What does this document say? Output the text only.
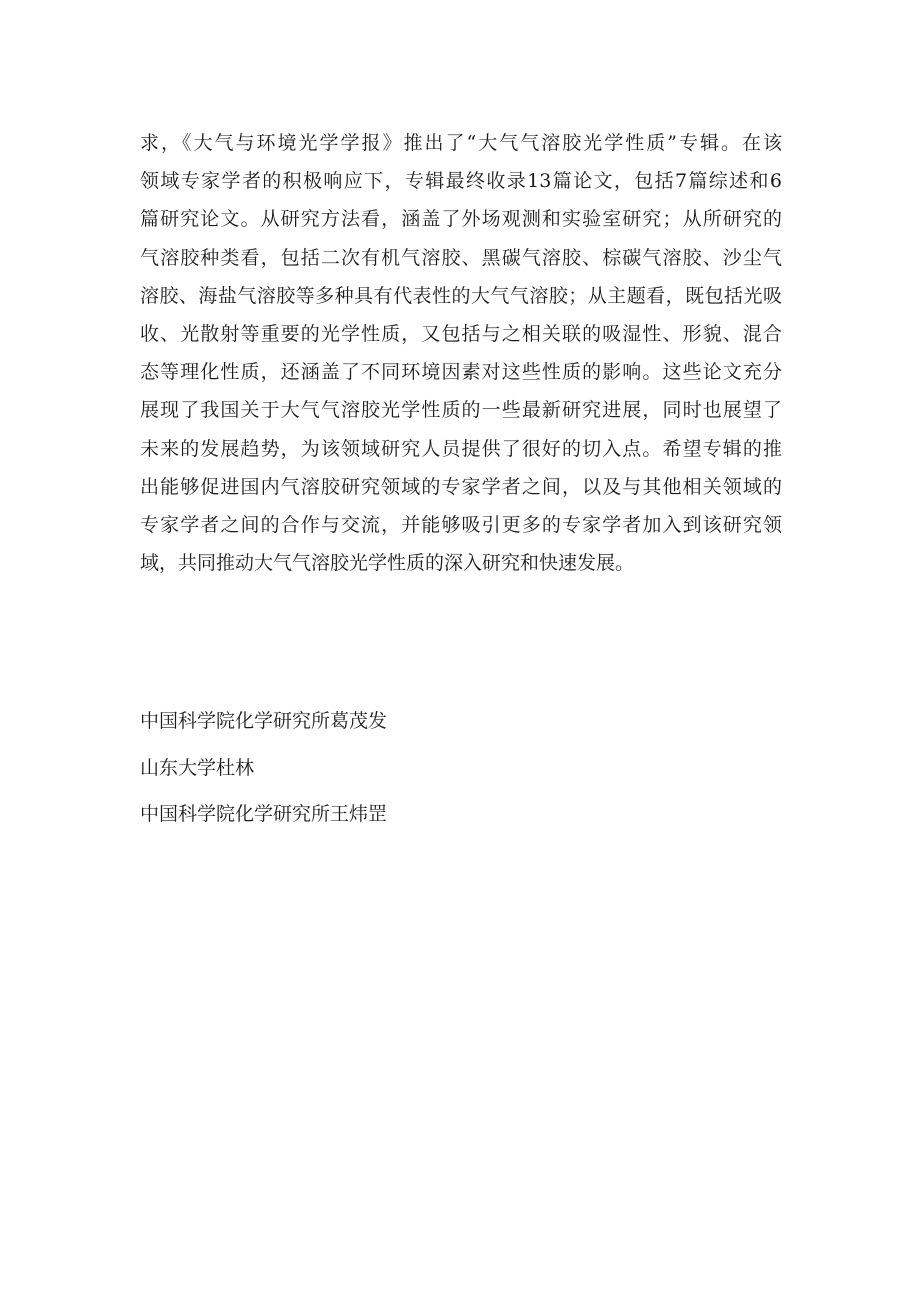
求，《大气与环境光学学报》推出了“大气气溶胶光学性质”专辑。在该
领域专家学者的积极响应下，专辑最终收录13篇论文，包括7篇综述和6
篇研究论文。从研究方法看，涵盖了外场观测和实验室研究；从所研究的
气溶胶种类看，包括二次有机气溶胶、黑碳气溶胶、棕碳气溶胶、沙尘气
溶胶、海盐气溶胶等多种具有代表性的大气气溶胶；从主题看，既包括光吸
收、光散射等重要的光学性质，又包括与之相关联的吸湿性、形貌、混合
态等理化性质，还涵盖了不同环境因素对这些性质的影响。这些论文充分
展现了我国关于大气气溶胶光学性质的一些最新研究进展，同时也展望了
未来的发展趋势，为该领域研究人员提供了很好的切入点。希望专辑的推
出能够促进国内气溶胶研究领域的专家学者之间，以及与其他相关领域的
专家学者之间的合作与交流，并能够吸引更多的专家学者加入到该研究领
域，共同推动大气气溶胶光学性质的深入研究和快速发展。
中国科学院化学研究所葛茂发
山东大学杜林
中国科学院化学研究所王炜罡
